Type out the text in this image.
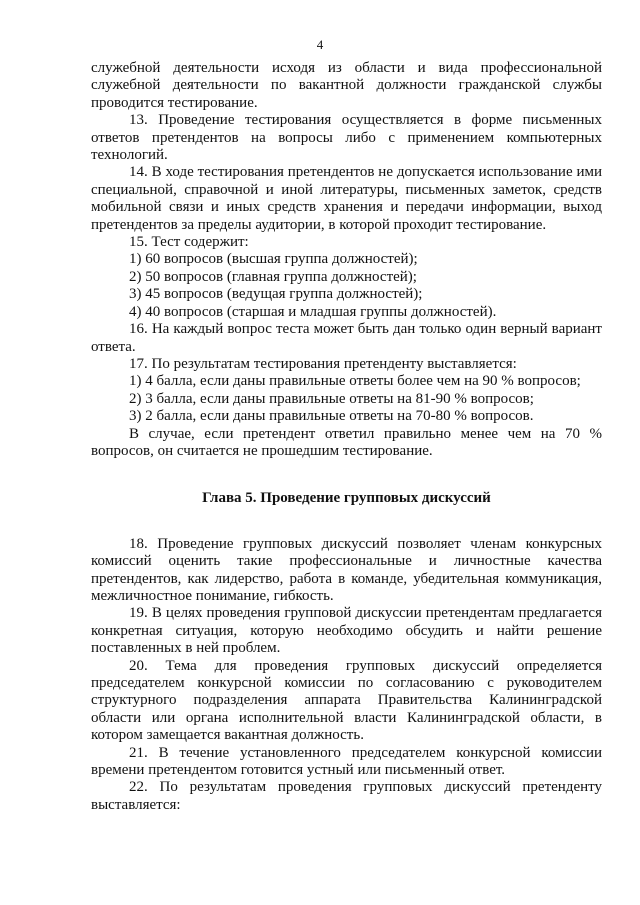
4

служебной деятельности исходя из области и вида профессиональной служебной деятельности по вакантной должности гражданской службы проводится тестирование.

13. Проведение тестирования осуществляется в форме письменных ответов претендентов на вопросы либо с применением компьютерных технологий.

14. В ходе тестирования претендентов не допускается использование ими специальной, справочной и иной литературы, письменных заметок, средств мобильной связи и иных средств хранения и передачи информации, выход претендентов за пределы аудитории, в которой проходит тестирование.

15. Тест содержит:

1) 60 вопросов (высшая группа должностей);

2) 50 вопросов (главная группа должностей);

3) 45 вопросов (ведущая группа должностей);

4) 40 вопросов (старшая и младшая группы должностей).

16. На каждый вопрос теста может быть дан только один верный вариант ответа.

17. По результатам тестирования претенденту выставляется:

1) 4 балла, если даны правильные ответы более чем на 90 % вопросов;

2) 3 балла, если даны правильные ответы на 81-90 % вопросов;

3) 2 балла, если даны правильные ответы на 70-80 % вопросов.

В случае, если претендент ответил правильно менее чем на 70 % вопросов, он считается не прошедшим тестирование.

Глава 5. Проведение групповых дискуссий

18. Проведение групповых дискуссий позволяет членам конкурсных комиссий оценить такие профессиональные и личностные качества претендентов, как лидерство, работа в команде, убедительная коммуникация, межличностное понимание, гибкость.

19. В целях проведения групповой дискуссии претендентам предлагается конкретная ситуация, которую необходимо обсудить и найти решение поставленных в ней проблем.

20. Тема для проведения групповых дискуссий определяется председателем конкурсной комиссии по согласованию с руководителем структурного подразделения аппарата Правительства Калининградской области или органа исполнительной власти Калининградской области, в котором замещается вакантная должность.

21. В течение установленного председателем конкурсной комиссии времени претендентом готовится устный или письменный ответ.

22. По результатам проведения групповых дискуссий претенденту выставляется:
